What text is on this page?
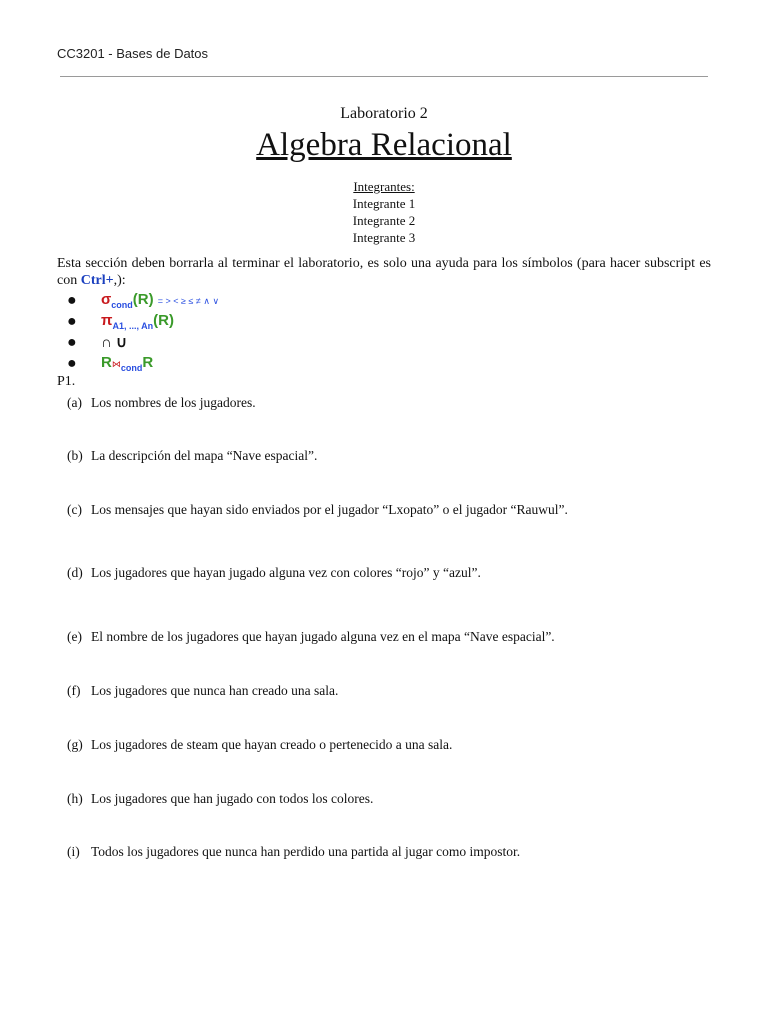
CC3201 - Bases de Datos
Laboratorio 2
Algebra Relacional
Integrantes:
Integrante 1
Integrante 2
Integrante 3
Esta sección deben borrarla al terminar el laboratorio, es solo una ayuda para los símbolos (para hacer subscript es con Ctrl+,):
● $\sigma_{cond}(R)$ = > < ≥ ≤ ≠ ∧ ∨
● $\pi_{A1, ..., An}(R)$
● ∩ ∪
● $R⋈_{cond}R$
P1.
(a) Los nombres de los jugadores.
(b) La descripción del mapa “Nave espacial”.
(c) Los mensajes que hayan sido enviados por el jugador “Lxopato” o el jugador “Rauwul”.
(d) Los jugadores que hayan jugado alguna vez con colores “rojo” y “azul”.
(e) El nombre de los jugadores que hayan jugado alguna vez en el mapa “Nave espacial”.
(f) Los jugadores que nunca han creado una sala.
(g) Los jugadores de steam que hayan creado o pertenecido a una sala.
(h) Los jugadores que han jugado con todos los colores.
(i) Todos los jugadores que nunca han perdido una partida al jugar como impostor.
